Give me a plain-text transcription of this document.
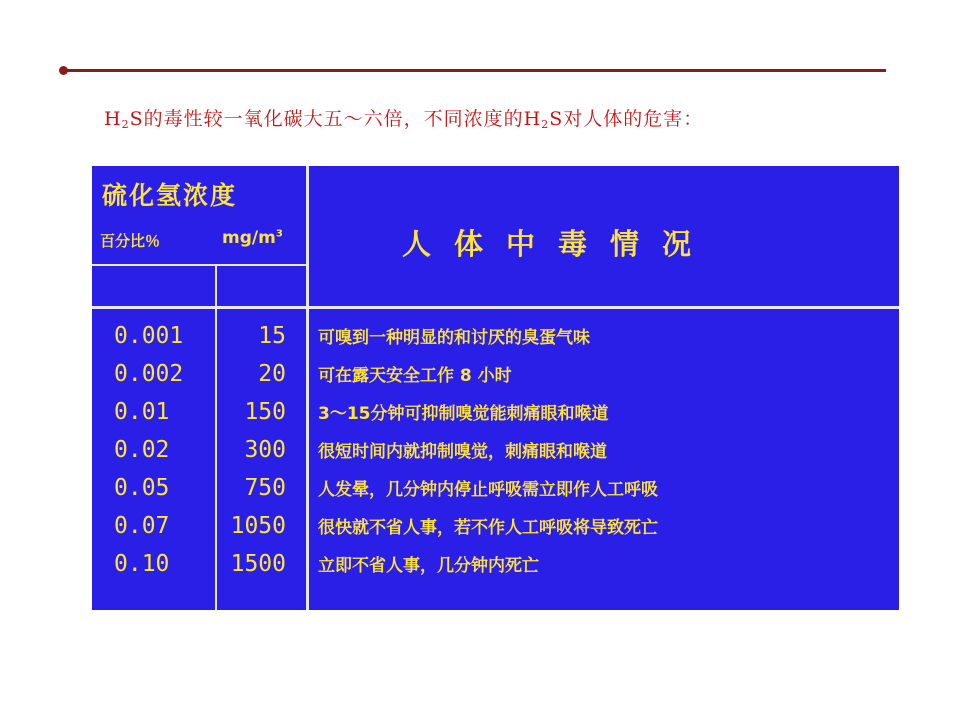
$H_2S$的毒性较一氧化碳大五～六倍，不同浓度的$H_2S$对人体的危害：
硫化氢浓度
百分比％	$mg/m^3$	人体中毒情况
0.001
0.002
0.01
0.02
0.05
0.07
0.10
15
20
150
300
750
1050
1500
可嗅到一种明显的和讨厌的臭蛋气味
可在露天安全工作 8 小时
3～15分钟可抑制嗅觉能刺痛眼和喉道
很短时间内就抑制嗅觉，刺痛眼和喉道
人发晕，几分钟内停止呼吸需立即作人工呼吸
很快就不省人事，若不作人工呼吸将导致死亡
立即不省人事，几分钟内死亡
